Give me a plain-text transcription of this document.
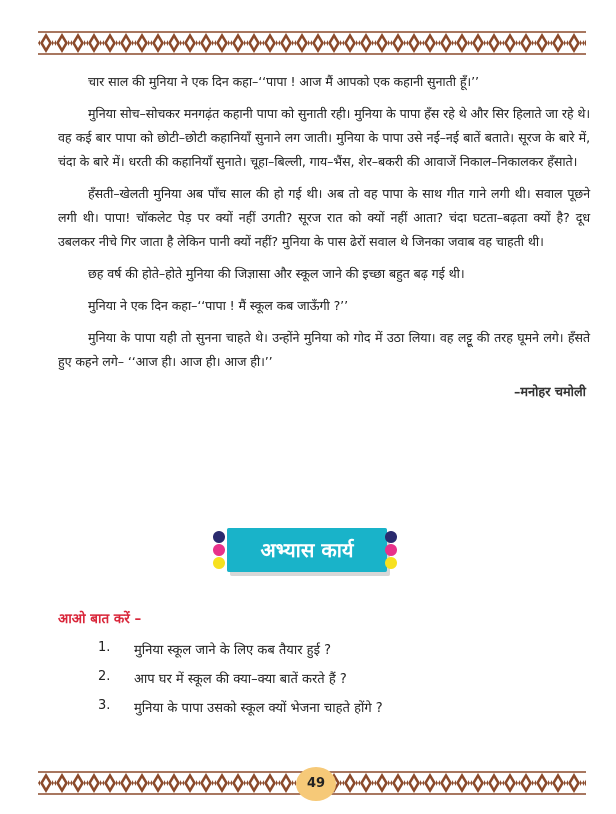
चार साल की मुनिया ने एक दिन कहा–‘‘पापा ! आज मैं आपको एक कहानी सुनाती हूँ।’’

मुनिया सोच–सोचकर मनगढ़ंत कहानी पापा को सुनाती रही। मुनिया के पापा हँस रहे थे और सिर हिलाते जा रहे थे। वह कई बार पापा को छोटी–छोटी कहानियाँ सुनाने लग जाती। मुनिया के पापा उसे नई–नई बातें बताते। सूरज के बारे में, चंदा के बारे में। धरती की कहानियाँ सुनाते। चूहा–बिल्ली, गाय–भैंस, शेर–बकरी की आवाजें निकाल–निकालकर हँसाते।

हँसती–खेलती मुनिया अब पाँच साल की हो गई थी। अब तो वह पापा के साथ गीत गाने लगी थी। सवाल पूछने लगी थी। पापा! चॉकलेट पेड़ पर क्यों नहीं उगती? सूरज रात को क्यों नहीं आता? चंदा घटता–बढ़ता क्यों है? दूध उबलकर नीचे गिर जाता है लेकिन पानी क्यों नहीं? मुनिया के पास ढेरों सवाल थे जिनका जवाब वह चाहती थी।

छह वर्ष की होते–होते मुनिया की जिज्ञासा और स्कूल जाने की इच्छा बहुत बढ़ गई थी।

मुनिया ने एक दिन कहा–‘‘पापा ! मैं स्कूल कब जाऊँगी ?’’

मुनिया के पापा यही तो सुनना चाहते थे। उन्होंने मुनिया को गोद में उठा लिया। वह लट्टू की तरह घूमने लगे। हँसते हुए कहने लगे– ‘‘आज ही। आज ही। आज ही।’’

–मनोहर चमोली
अभ्यास कार्य
आओ बात करें –
1.	मुनिया स्कूल जाने के लिए कब तैयार हुई ?
2.	आप घर में स्कूल की क्या–क्या बातें करते हैं ?
3.	मुनिया के पापा उसको स्कूल क्यों भेजना चाहते होंगे ?
49
